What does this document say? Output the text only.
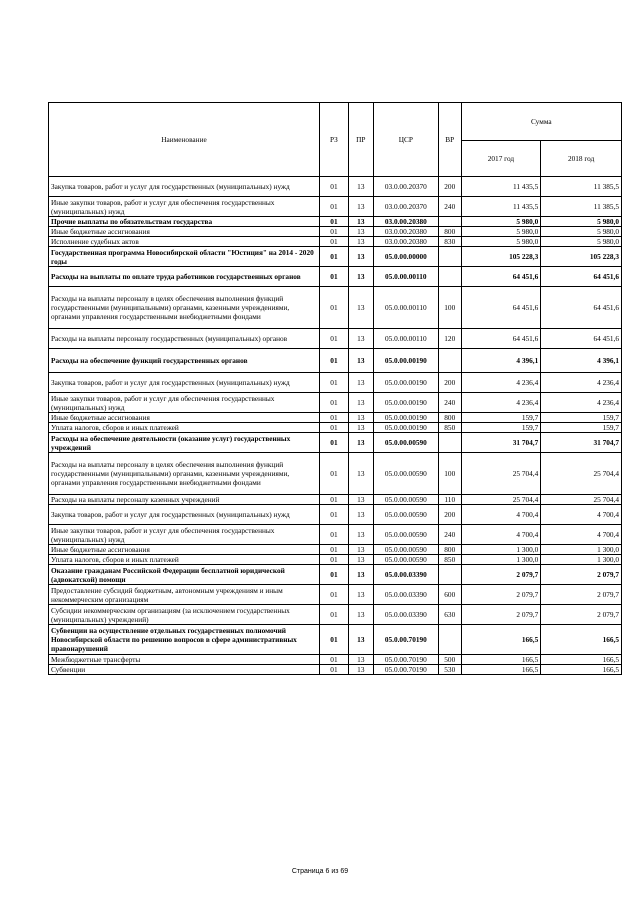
Наименование	РЗ	ПР	ЦСР	ВР	Сумма	
					2017 год	2018 год
Закупка товаров, работ и услуг для государственных (муниципальных) нужд	01	13	03.0.00.20370	200	11 435,5	11 385,5
Иные закупки товаров, работ и услуг для обеспечения государственных (муниципальных) нужд	01	13	03.0.00.20370	240	11 435,5	11 385,5
Прочие выплаты по обязательствам государства	01	13	03.0.00.20380		5 980,0	5 980,0
Иные бюджетные ассигнования	01	13	03.0.00.20380	800	5 980,0	5 980,0
Исполнение судебных актов	01	13	03.0.00.20380	830	5 980,0	5 980,0
Государственная программа Новосибирской области "Юстиция" на 2014 - 2020 годы	01	13	05.0.00.00000		105 228,3	105 228,3
Расходы на выплаты по оплате труда работников государственных органов	01	13	05.0.00.00110		64 451,6	64 451,6
Расходы на выплаты персоналу в целях обеспечения выполнения функций государственными (муниципальными) органами, казенными учреждениями, органами управления государственными внебюджетными фондами	01	13	05.0.00.00110	100	64 451,6	64 451,6
Расходы на выплаты персоналу государственных (муниципальных) органов	01	13	05.0.00.00110	120	64 451,6	64 451,6
Расходы на обеспечение функций государственных органов	01	13	05.0.00.00190		4 396,1	4 396,1
Закупка товаров, работ и услуг для государственных (муниципальных) нужд	01	13	05.0.00.00190	200	4 236,4	4 236,4
Иные закупки товаров, работ и услуг для обеспечения государственных (муниципальных) нужд	01	13	05.0.00.00190	240	4 236,4	4 236,4
Иные бюджетные ассигнования	01	13	05.0.00.00190	800	159,7	159,7
Уплата налогов, сборов и иных платежей	01	13	05.0.00.00190	850	159,7	159,7
Расходы на обеспечение деятельности (оказание услуг) государственных учреждений	01	13	05.0.00.00590		31 704,7	31 704,7
Расходы на выплаты персоналу в целях обеспечения выполнения функций государственными (муниципальными) органами, казенными учреждениями, органами управления государственными внебюджетными фондами	01	13	05.0.00.00590	100	25 704,4	25 704,4
Расходы на выплаты персоналу казенных учреждений	01	13	05.0.00.00590	110	25 704,4	25 704,4
Закупка товаров, работ и услуг для государственных (муниципальных) нужд	01	13	05.0.00.00590	200	4 700,4	4 700,4
Иные закупки товаров, работ и услуг для обеспечения государственных (муниципальных) нужд	01	13	05.0.00.00590	240	4 700,4	4 700,4
Иные бюджетные ассигнования	01	13	05.0.00.00590	800	1 300,0	1 300,0
Уплата налогов, сборов и иных платежей	01	13	05.0.00.00590	850	1 300,0	1 300,0
Оказание гражданам Российской Федерации бесплатной юридической (адвокатской) помощи	01	13	05.0.00.03390		2 079,7	2 079,7
Предоставление субсидий бюджетным, автономным учреждениям и иным некоммерческим организациям	01	13	05.0.00.03390	600	2 079,7	2 079,7
Субсидии некоммерческим организациям (за исключением государственных (муниципальных) учреждений)	01	13	05.0.00.03390	630	2 079,7	2 079,7
Субвенции на осуществление отдельных государственных полномочий Новосибирской области по решению вопросов в сфере административных правонарушений	01	13	05.0.00.70190		166,5	166,5
Межбюджетные трансферты	01	13	05.0.00.70190	500	166,5	166,5
Субвенции	01	13	05.0.00.70190	530	166,5	166,5
Страница 6 из 69
